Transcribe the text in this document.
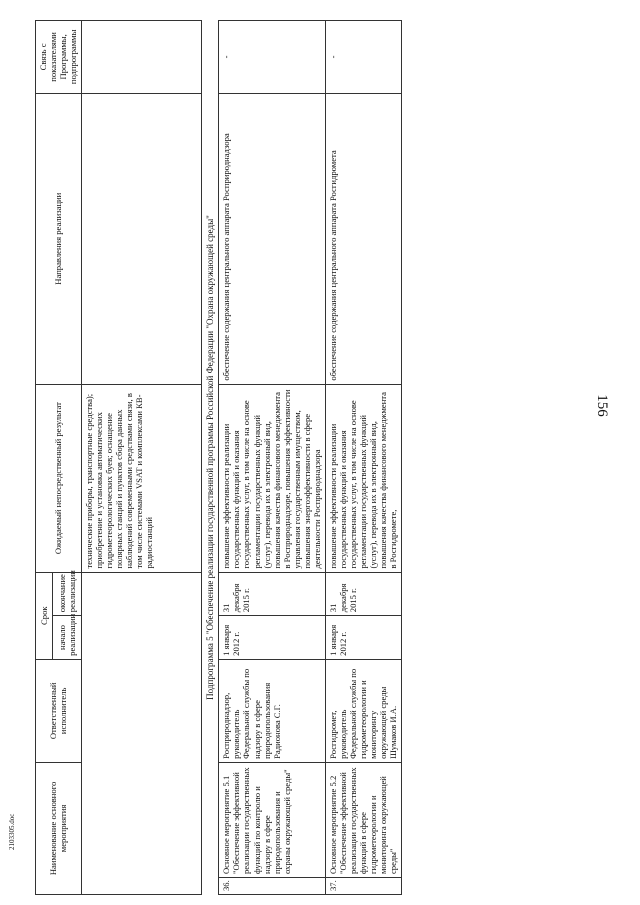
156
Наименование основного мероприятия		Ответственный исполнитель	Срок		Ожидаемый непосредственный результат	Направления реализации	Связь с показателями Программы, подпрограммы
			начало реализации	окончание реализации			
					технические приборы, транспортные средства); приобретение и установка автоматических гидрометеорологических буев; оснащение полярных станций и пунктов сбора данных наблюдений современными средствами связи, в том числе системами VSAT и комплексами КВ-радиостанций		
Подпрограмма 5 "Обеспечение реализации государственной программы Российской Федерации "Охрана окружающей среды"							
36.	Основное мероприятие 5.1 "Обеспечение эффективной реализации государственных функций по контролю и надзору в сфере природопользования и охраны окружающей среды"	Росприроднадзор, руководитель Федеральной службы по надзору в сфере природопользования Радионова С.Г.	1 января 2012 г.	31 декабря 2015 г.	повышение эффективности реализации государственных функций и оказания государственных услуг, в том числе на основе регламентации государственных функций (услуг), перевода их в электронный вид, повышения качества финансового менеджмента в Росприроднадзоре, повышения эффективности управления государственным имуществом, повышения энергоэффективности в сфере деятельности Росприроднадзора	обеспечение содержания центрального аппарата Росприроднадзора	-
37.	Основное мероприятие 5.2 "Обеспечение эффективной реализации государственных функций в сфере гидрометеорологии и мониторинга окружающей среды"	Росгидромет, руководитель Федеральной службы по гидрометеорологии и мониторингу окружающей среды Шумаков И.А.	1 января 2012 г.	31 декабря 2015 г.	повышение эффективности реализации государственных функций и оказания государственных услуг, в том числе на основе регламентации государственных функций (услуг), перевода их в электронный вид, повышения качества финансового менеджмента в Росгидромете,	обеспечение содержания центрального аппарата Росгидромета	-
2103305.doc
